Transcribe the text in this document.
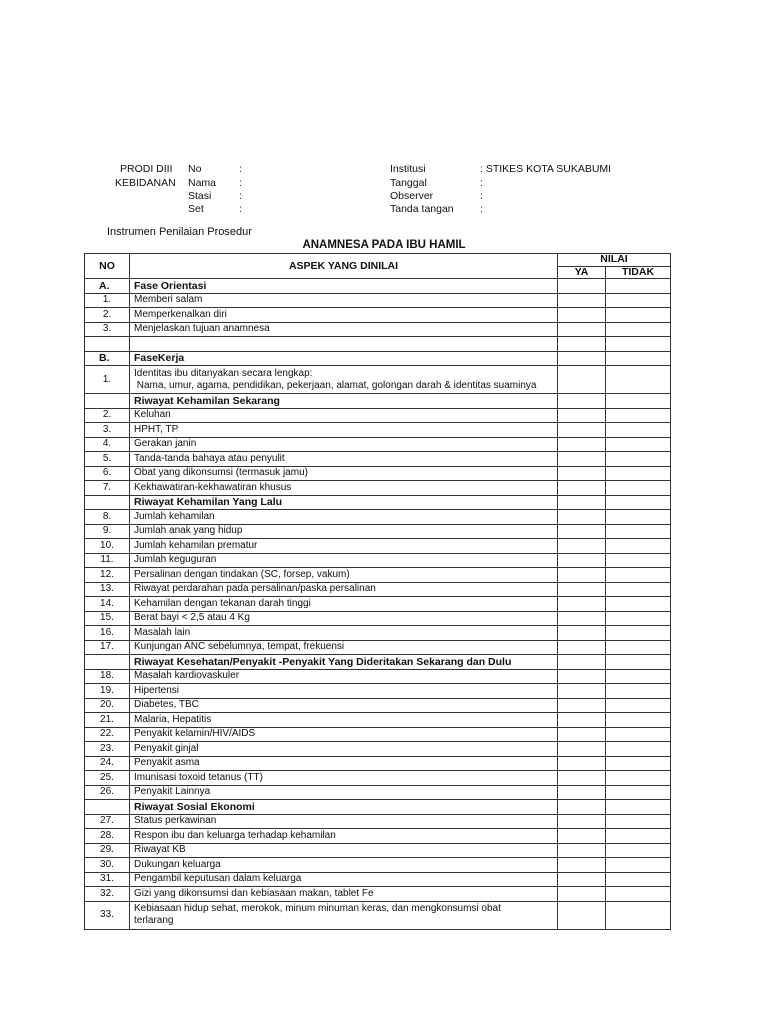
PRODI DIII
KEBIDANAN
No	:
Nama :
Stasi	:
Set	:
Institusi	: STIKES KOTA SUKABUMI
Tanggal	:
Observer	:
Tanda tangan	:
Instrumen Penilaian Prosedur
ANAMNESA PADA IBU HAMIL
NO	ASPEK YANG DINILAI	NILAI	
		YA	TIDAK
A.	Fase Orientasi		
1.	Memberi salam		
2.	Memperkenalkan diri		
3.	Menjelaskan tujuan anamnesa		

B.	FaseKerja		
1.	Identitas ibu ditanyakan secara lengkap:
Nama, umur, agama, pendidikan, pekerjaan, alamat, golongan darah & identitas suaminya		

	Riwayat Kehamilan Sekarang		
2.	Keluhan		
3.	HPHT, TP		
4.	Gerakan janin		
5.	Tanda-tanda bahaya atau penyulit		
6.	Obat yang dikonsumsi (termasuk jamu)		
7.	Kekhawatiran-kekhawatiran khusus		
	Riwayat Kehamilan Yang Lalu		
8.	Jumlah kehamilan		
9.	Jumlah anak yang hidup		
10.	Jumlah kehamilan prematur		
11.	Jumlah keguguran		
12.	Persalinan dengan tindakan (SC, forsep, vakum)		
13.	Riwayat perdarahan pada persalinan/paska persalinan		
14.	Kehamilan dengan tekanan darah tinggi		
15.	Berat bayi < 2,5 atau 4 Kg		
16.	Masalah lain		
17.	Kunjungan ANC sebelumnya, tempat, frekuensi		
	Riwayat Kesehatan/Penyakit -Penyakit Yang Dideritakan Sekarang dan Dulu		
18.	Masalah kardiovaskuler		
19.	Hipertensi		
20.	Diabetes, TBC		
21.	Malaria, Hepatitis		
22.	Penyakit kelamin/HIV/AIDS		
23.	Penyakit ginjal		
24.	Penyakit asma		
25.	Imunisasi toxoid tetanus (TT)		
26.	Penyakit Lainnya		
	Riwayat Sosial Ekonomi		
27.	Status perkawinan		
28.	Respon ibu dan keluarga terhadap kehamilan		
29.	Riwayat KB		
30.	Dukungan keluarga		
31.	Pengambil keputusan dalam keluarga		
32.	Gizi yang dikonsumsi dan kebiasaan makan, tablet Fe		
33.	Kebiasaan hidup sehat, merokok, minum minuman keras, dan mengkonsumsi obat
terlarang		
